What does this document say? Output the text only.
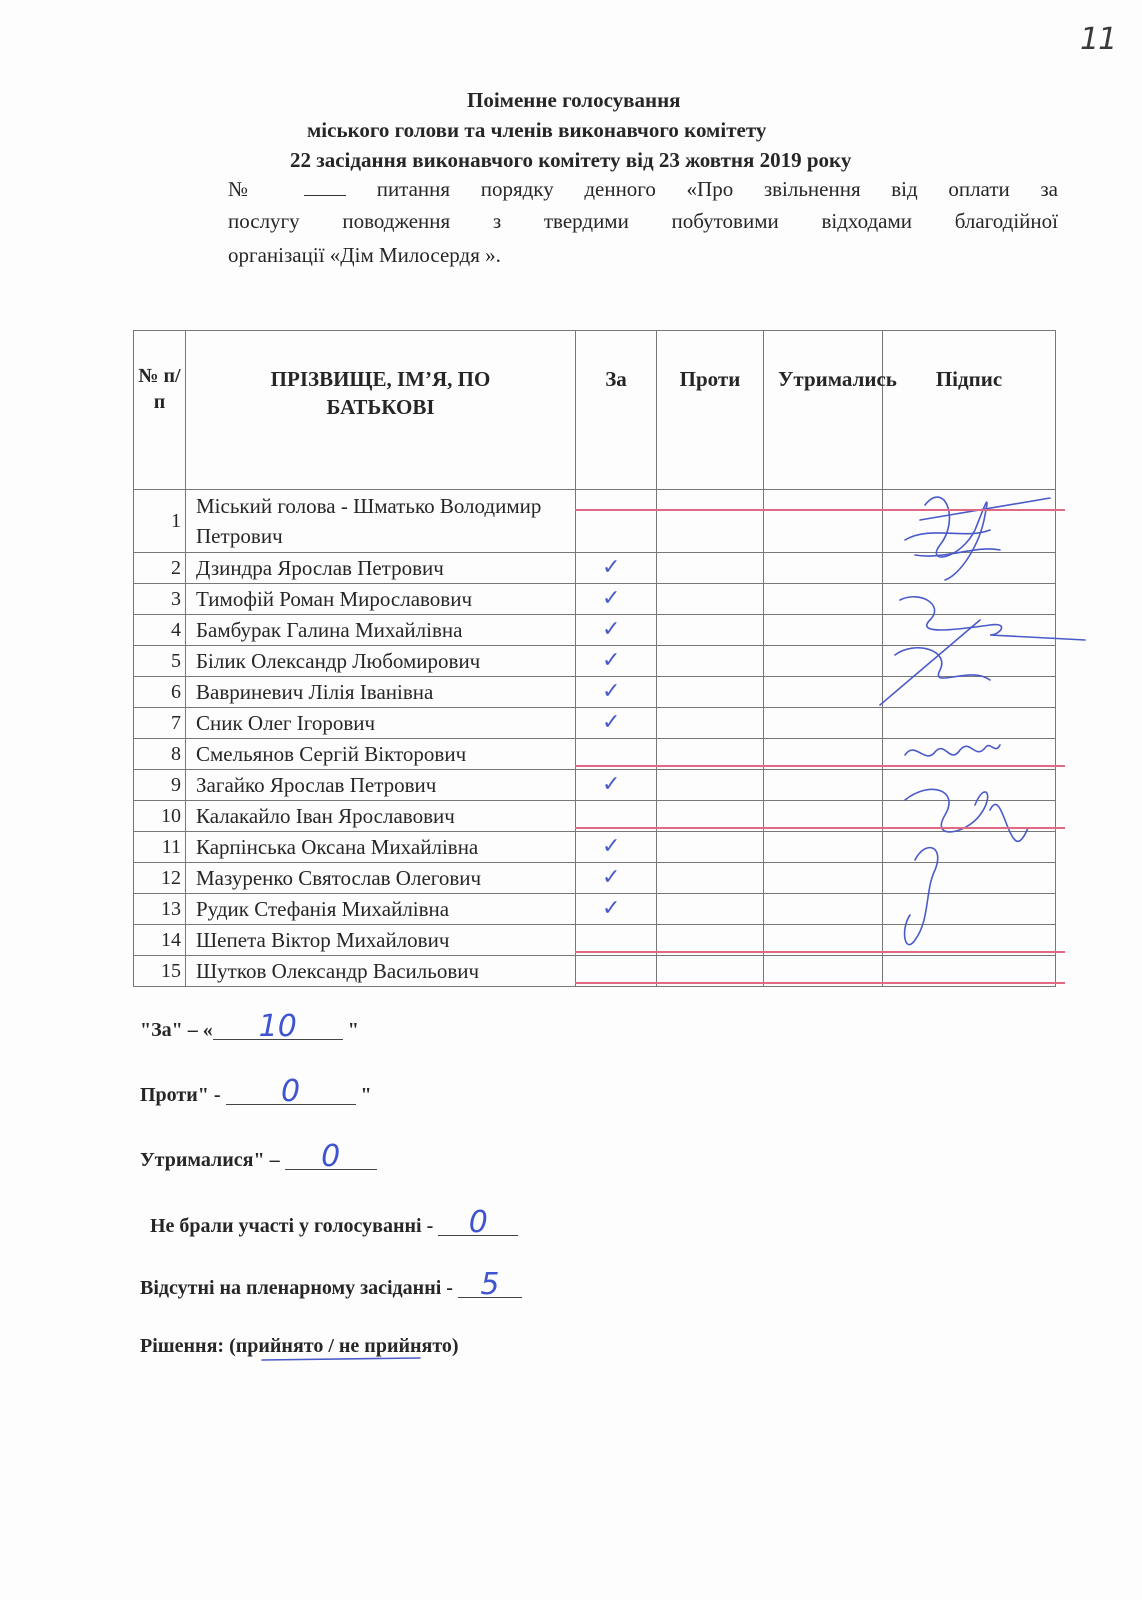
11
Поіменне голосування
міського голови та членів виконавчого комітету
22 засідання виконавчого комітету від 23 жовтня 2019 року
№	питання порядку денного «Про звільнення від оплати за
послугу поводження з твердими побутовими відходами благодійної
організації «Дім Милосердя ».
№ п/п	ПРІЗВИЩЕ, ІМ’Я, ПО БАТЬКОВІ	За	Проти	Утримались	Підпис
1	Міський голова - Шматько Володимир Петрович				
2	Дзиндра Ярослав Петрович	✓			
3	Тимофій Роман Мирославович	✓			
4	Бамбурак Галина Михайлівна	✓			
5	Білик Олександр Любомирович	✓			
6	Вавриневич Лілія Іванівна	✓			
7	Сник Олег Ігорович	✓			
8	Смельянов Сергій Вікторович				
9	Загайко Ярослав Петрович	✓			
10	Калакайло Іван Ярославович				
11	Карпінська Оксана Михайлівна	✓			
12	Мазуренко Святослав Олегович	✓			
13	Рудик Стефанія Михайлівна	✓			
14	Шепета Віктор Михайлович				
15	Шутков Олександр Васильович				
"За" – « 10	"
Проти" - 0	"
Утрималися" – 0
Не брали участі у голосуванні - 0
Відсутні на пленарному засіданні - 5
Рішення: (прийнято / не прийнято)
